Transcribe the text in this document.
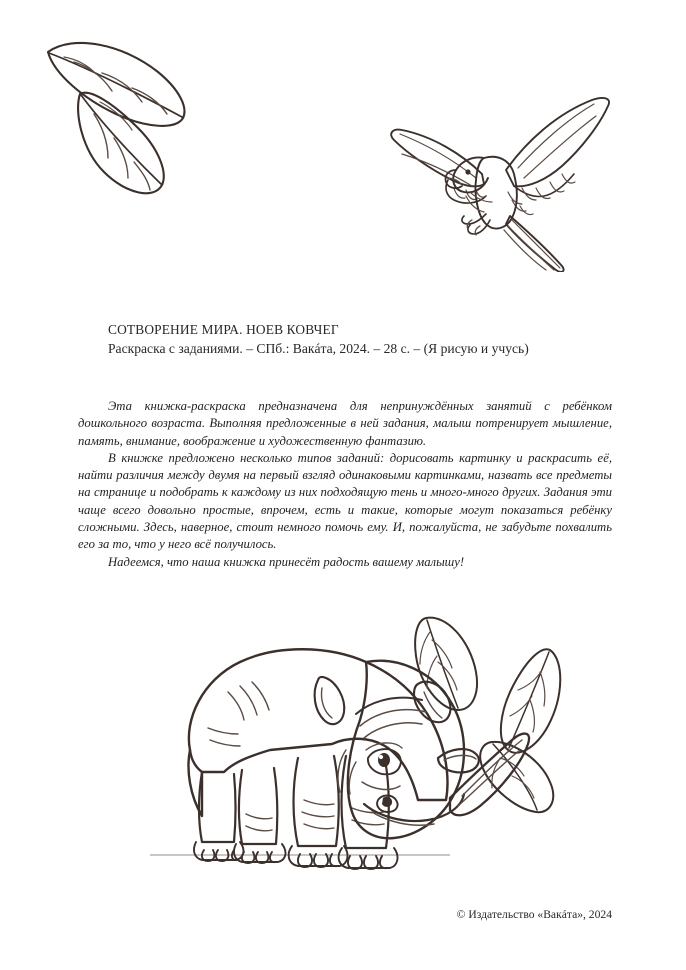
СОТВОРЕНИЕ МИРА. НОЕВ КОВЧЕГ
Раскраска с заданиями. – СПб.: Вакáта, 2024. – 28 с. – (Я рисую и учусь)

Эта книжка-раскраска предназначена для непринуждённых занятий с ребёнком дошкольного возраста. Выполняя предложенные в ней задания, малыш потренирует мышление, память, внимание, воображение и художественную фантазию.

В книжке предложено несколько типов заданий: дорисовать картинку и раскрасить её, найти различия между двумя на первый взгляд одинаковыми картинками, назвать все предметы на странице и подобрать к каждому из них подходящую тень и много-много других. Задания эти чаще всего довольно простые, впрочем, есть и такие, которые могут показаться ребёнку сложными. Здесь, наверное, стоит немного помочь ему. И, пожалуйста, не забудьте похвалить его за то, что у него всё получилось.

Надеемся, что наша книжка принесёт радость вашему малышу!

© Издательство «Вакáта», 2024
